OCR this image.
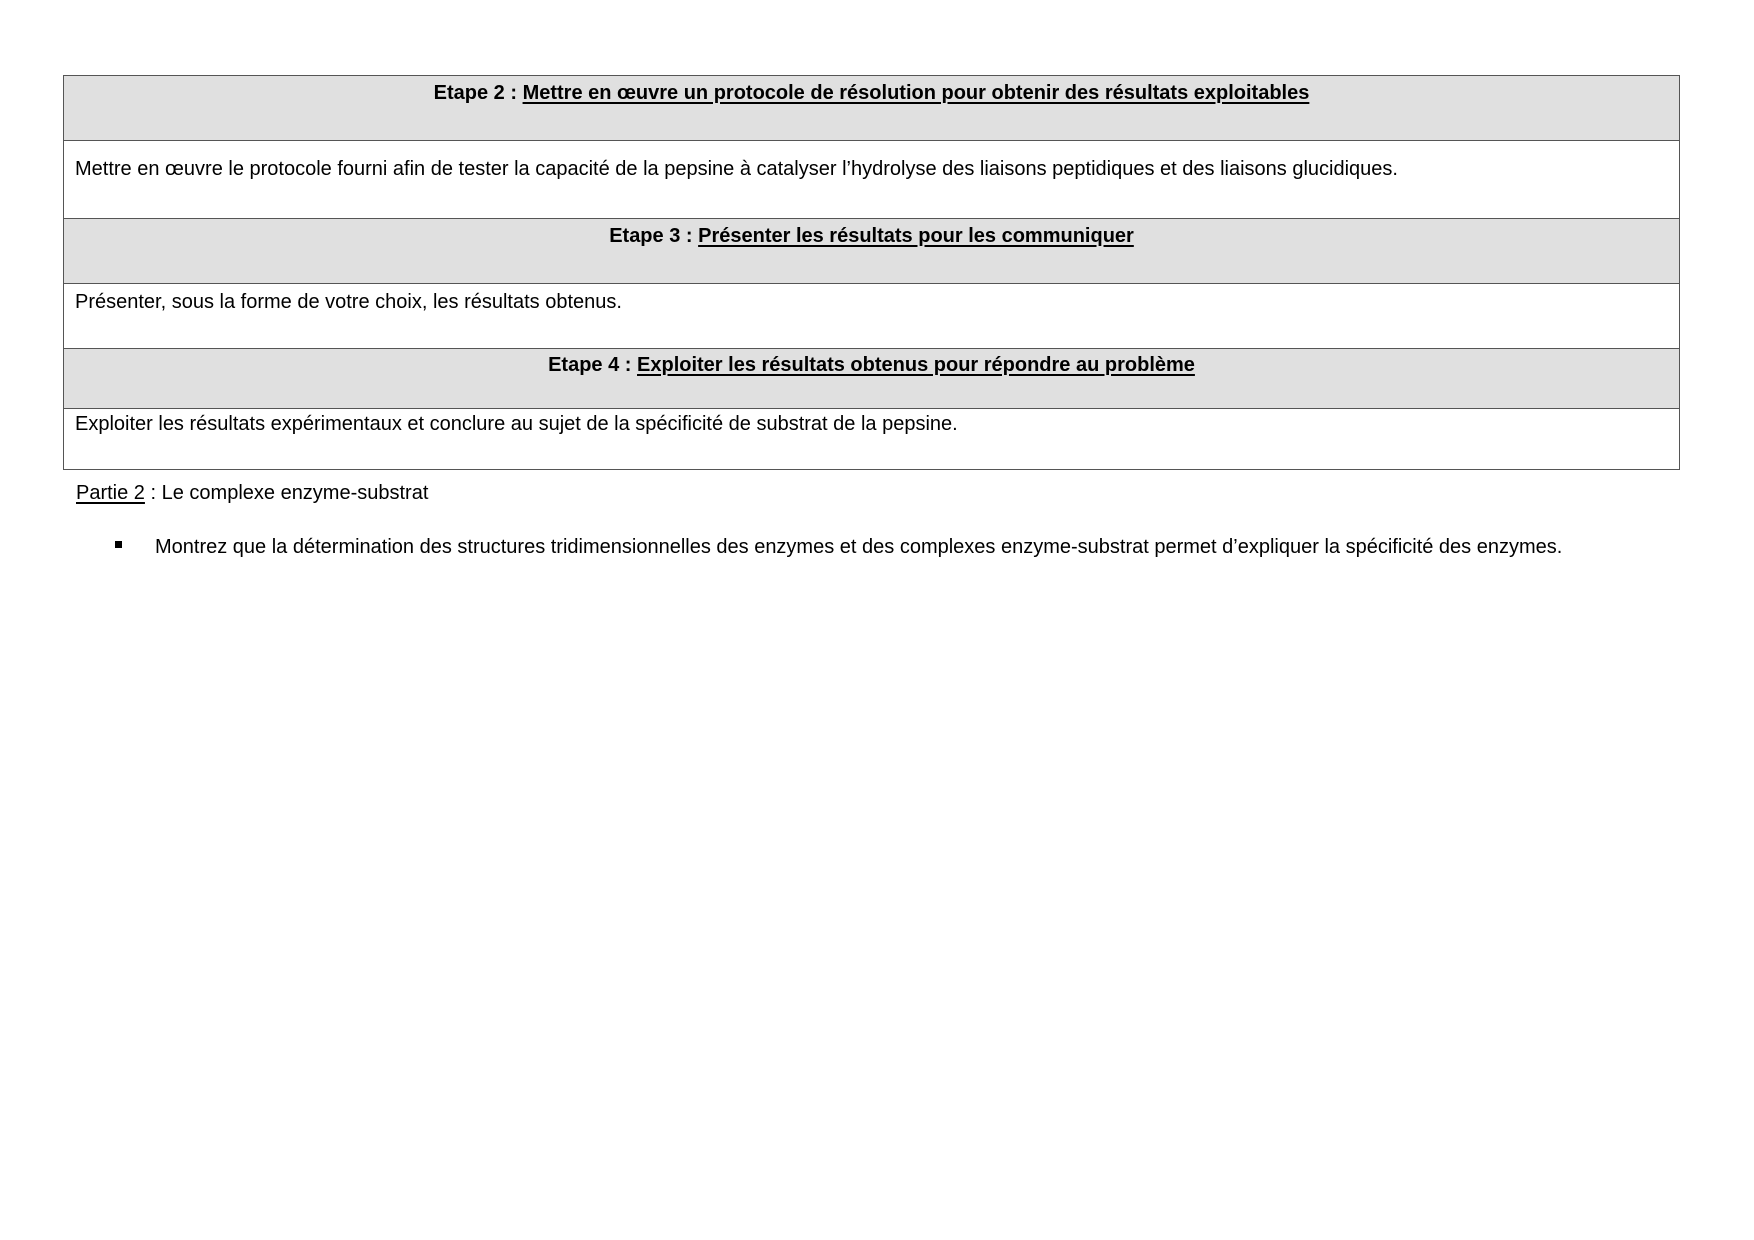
Etape 2 : Mettre en œuvre un protocole de résolution pour obtenir des résultats exploitables
Mettre en œuvre le protocole fourni afin de tester la capacité de la pepsine à catalyser l’hydrolyse des liaisons peptidiques et des liaisons glucidiques.
Etape 3 : Présenter les résultats pour les communiquer
Présenter, sous la forme de votre choix, les résultats obtenus.
Etape 4 : Exploiter les résultats obtenus pour répondre au problème
Exploiter les résultats expérimentaux et conclure au sujet de la spécificité de substrat de la pepsine.
Partie 2 : Le complexe enzyme-substrat
Montrez que la détermination des structures tridimensionnelles des enzymes et des complexes enzyme-substrat permet d’expliquer la spécificité des enzymes.
